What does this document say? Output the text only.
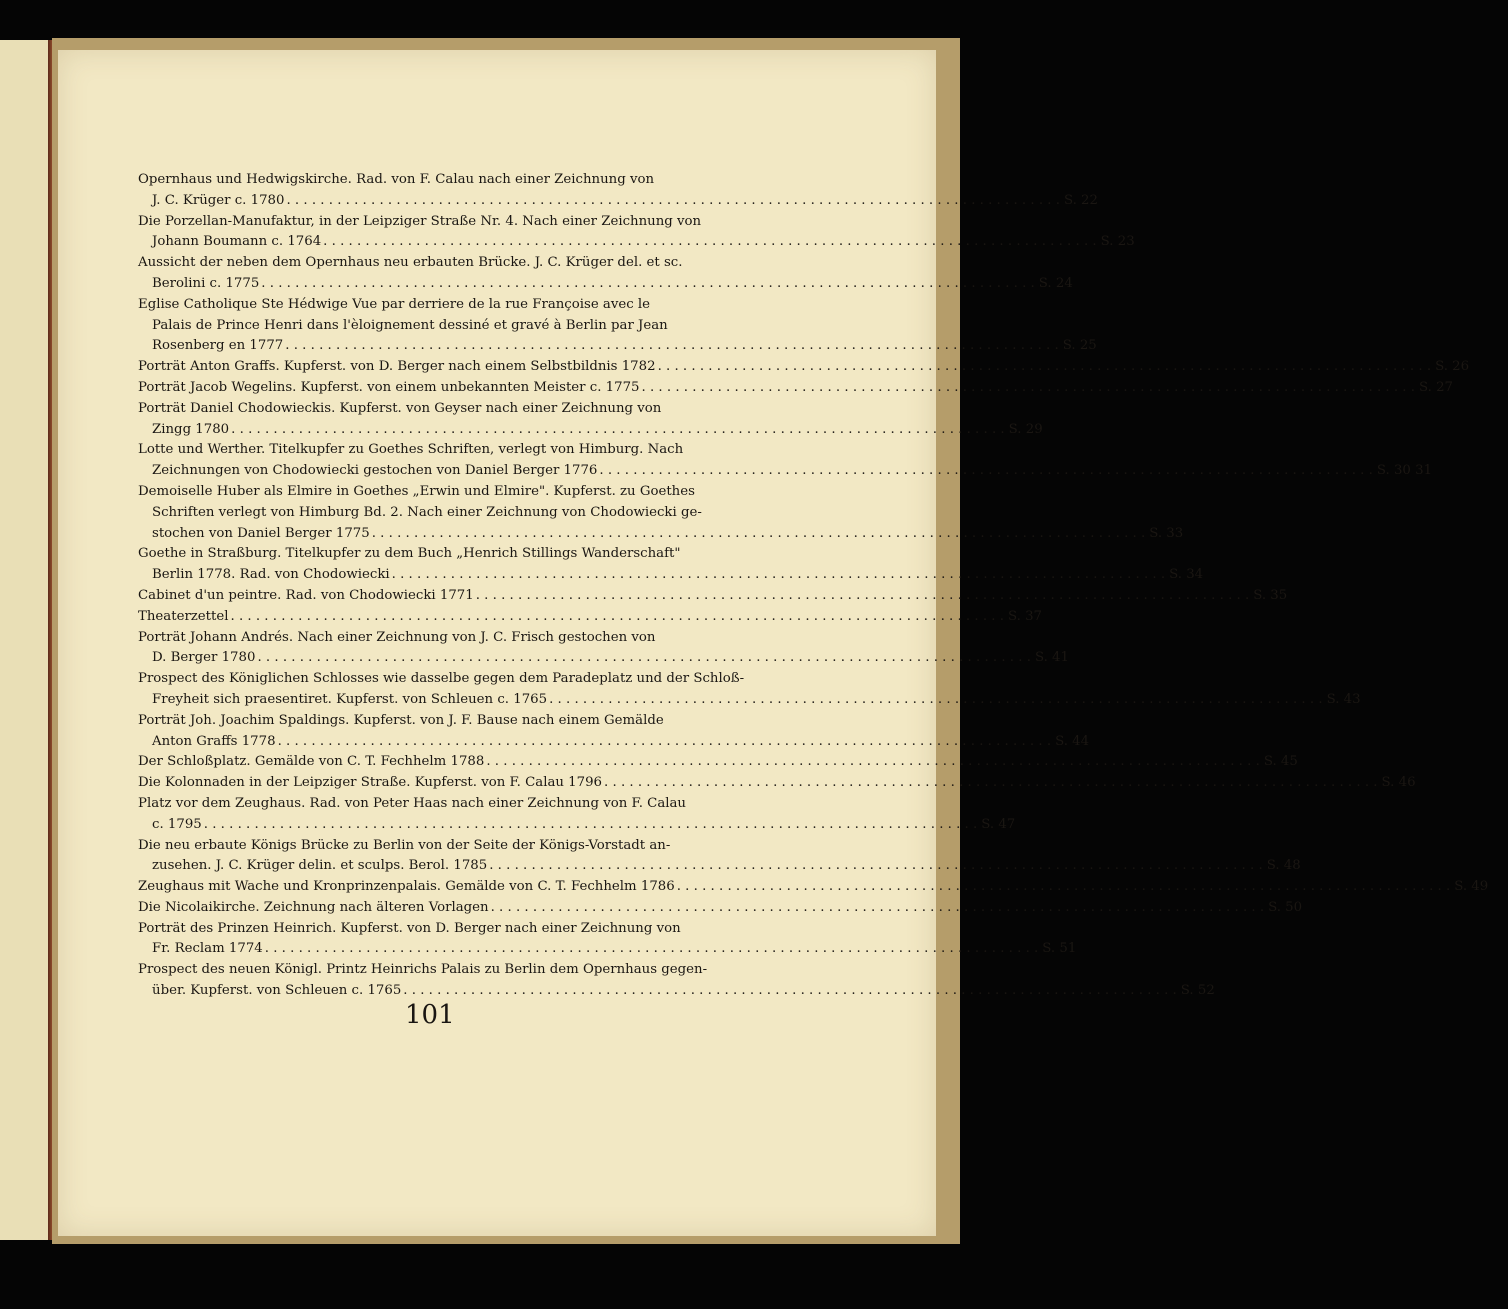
Opernhaus und Hedwigskirche. Rad. von F. Calau nach einer Zeichnung von
J. C. Krüger c. 1780 . . .	S. 22
Die Porzellan-Manufaktur, in der Leipziger Straße Nr. 4. Nach einer Zeichnung von
Johann Boumann c. 1764 . . .	S. 23
Aussicht der neben dem Opernhaus neu erbauten Brücke. J. C. Krüger del. et sc.
Berolini c. 1775 . . .	S. 24
Eglise Catholique Ste Hédwige Vue par derriere de la rue Françoise avec le
Palais de Prince Henri dans l'èloignement dessiné et gravé à Berlin par Jean
Rosenberg en 1777 . . .	S. 25
Porträt Anton Graffs. Kupferst. von D. Berger nach einem Selbstbildnis 1782 . . .	S. 26
Porträt Jacob Wegelins. Kupferst. von einem unbekannten Meister c. 1775 . . .	S. 27
Porträt Daniel Chodowieckis. Kupferst. von Geyser nach einer Zeichnung von
Zingg 1780 . . .	S. 29
Lotte und Werther. Titelkupfer zu Goethes Schriften, verlegt von Himburg. Nach
Zeichnungen von Chodowiecki gestochen von Daniel Berger 1776 . . .	S. 30 31
Demoiselle Huber als Elmire in Goethes „Erwin und Elmire". Kupferst. zu Goethes
Schriften verlegt von Himburg Bd. 2. Nach einer Zeichnung von Chodowiecki ge-
stochen von Daniel Berger 1775 . . .	S. 33
Goethe in Straßburg. Titelkupfer zu dem Buch „Henrich Stillings Wanderschaft"
Berlin 1778. Rad. von Chodowiecki . . .	S. 34
Cabinet d'un peintre. Rad. von Chodowiecki 1771 . . .	S. 35
Theaterzettel . . .	S. 37
Porträt Johann Andrés. Nach einer Zeichnung von J. C. Frisch gestochen von
D. Berger 1780 . . .	S. 41
Prospect des Königlichen Schlosses wie dasselbe gegen dem Paradeplatz und der Schloß-
Freyheit sich praesentiret. Kupferst. von Schleuen c. 1765 . . .	S. 43
Porträt Joh. Joachim Spaldings. Kupferst. von J. F. Bause nach einem Gemälde
Anton Graffs 1778 . . .	S. 44
Der Schloßplatz. Gemälde von C. T. Fechhelm 1788 . . .	S. 45
Die Kolonnaden in der Leipziger Straße. Kupferst. von F. Calau 1796 . . .	S. 46
Platz vor dem Zeughaus. Rad. von Peter Haas nach einer Zeichnung von F. Calau
c. 1795 . . .	S. 47
Die neu erbaute Königs Brücke zu Berlin von der Seite der Königs-Vorstadt an-
zusehen. J. C. Krüger delin. et sculps. Berol. 1785 . . .	S. 48
Zeughaus mit Wache und Kronprinzenpalais. Gemälde von C. T. Fechhelm 1786 . . .	S. 49
Die Nicolaikirche. Zeichnung nach älteren Vorlagen . . .	S. 50
Porträt des Prinzen Heinrich. Kupferst. von D. Berger nach einer Zeichnung von
Fr. Reclam 1774 . . .	S. 51
Prospect des neuen Königl. Printz Heinrichs Palais zu Berlin dem Opernhaus gegen-
über. Kupferst. von Schleuen c. 1765 . . .	S. 52
101
